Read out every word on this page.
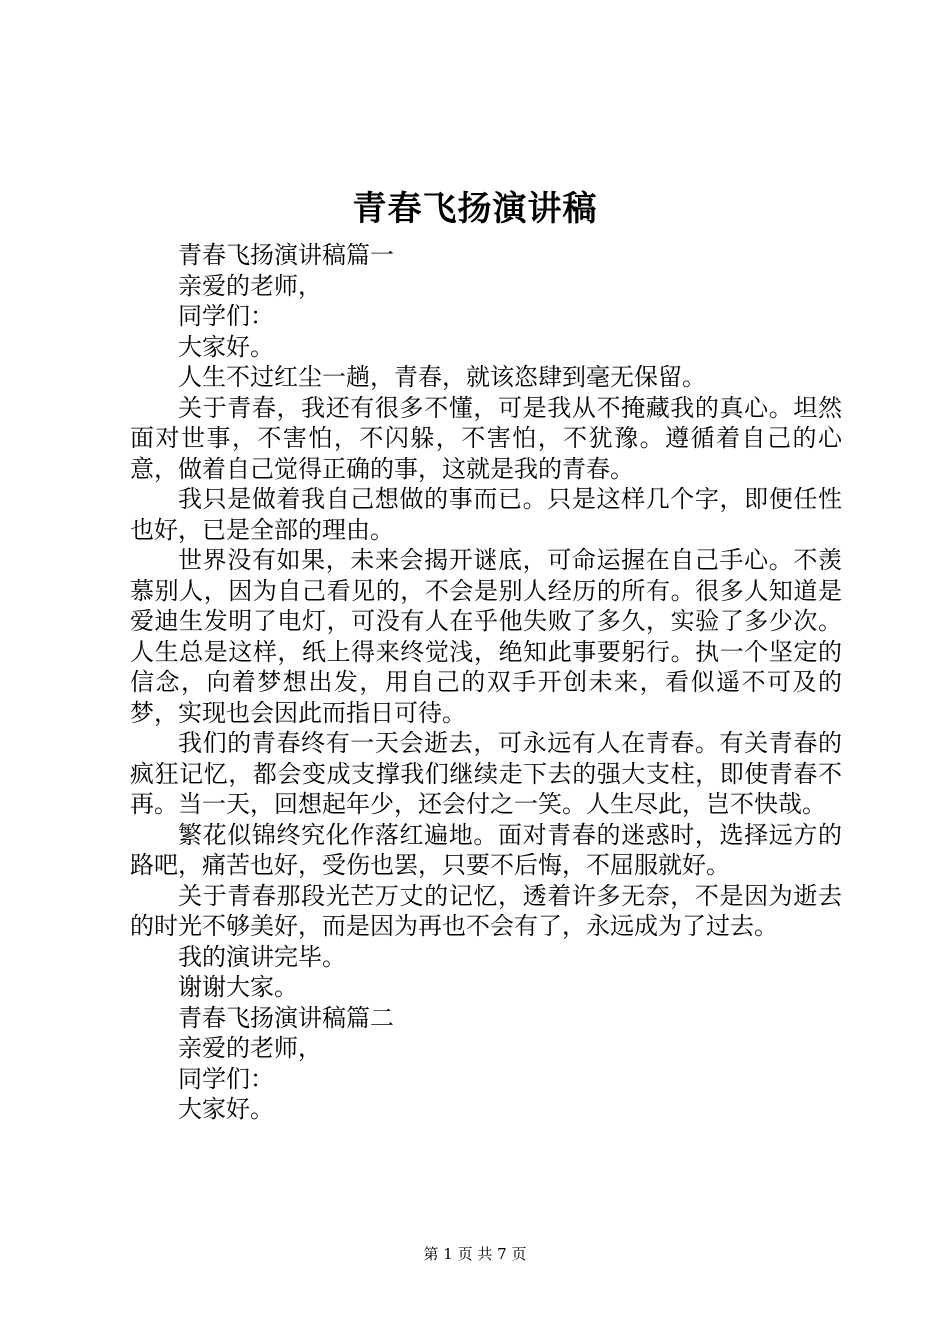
青春飞扬演讲稿

青春飞扬演讲稿篇一

亲爱的老师，

同学们：

大家好。

人生不过红尘一趟，青春，就该恣肆到毫无保留。

关于青春，我还有很多不懂，可是我从不掩藏我的真心。坦然面对世事，不害怕，不闪躲，不害怕，不犹豫。遵循着自己的心意，做着自己觉得正确的事，这就是我的青春。

我只是做着我自己想做的事而已。只是这样几个字，即便任性也好，已是全部的理由。

世界没有如果，未来会揭开谜底，可命运握在自己手心。不羡慕别人，因为自己看见的，不会是别人经历的所有。很多人知道是爱迪生发明了电灯，可没有人在乎他失败了多久，实验了多少次。人生总是这样，纸上得来终觉浅，绝知此事要躬行。执一个坚定的信念，向着梦想出发，用自己的双手开创未来，看似遥不可及的梦，实现也会因此而指日可待。

我们的青春终有一天会逝去，可永远有人在青春。有关青春的疯狂记忆，都会变成支撑我们继续走下去的强大支柱，即使青春不再。当一天，回想起年少，还会付之一笑。人生尽此，岂不快哉。

繁花似锦终究化作落红遍地。面对青春的迷惑时，选择远方的路吧，痛苦也好，受伤也罢，只要不后悔，不屈服就好。

关于青春那段光芒万丈的记忆，透着许多无奈，不是因为逝去的时光不够美好，而是因为再也不会有了，永远成为了过去。

我的演讲完毕。

谢谢大家。

青春飞扬演讲稿篇二

亲爱的老师，

同学们：

大家好。

第 1 页 共 7 页
